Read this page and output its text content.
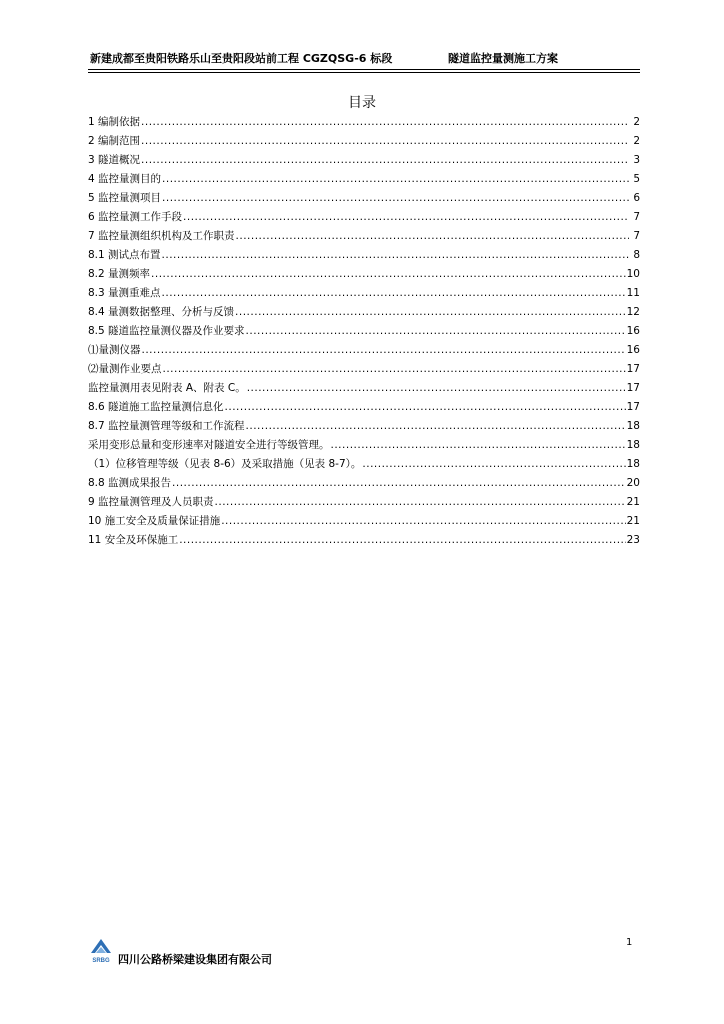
新建成都至贵阳铁路乐山至贵阳段站前工程 CGZQSG-6 标段	隧道监控量测施工方案
目录
1 编制依据 .....	2
2 编制范围 .....	2
3 隧道概况 .....	3
4 监控量测目的 .....	5
5 监控量测项目 .....	6
6 监控量测工作手段 .....	7
7 监控量测组织机构及工作职责 .....	7
8.1 测试点布置 .....	8
8.2 量测频率 .....	10
8.3 量测重难点 .....	11
8.4 量测数据整理、分析与反馈 .....	12
8.5 隧道监控量测仪器及作业要求 .....	16
⑴量测仪器 .....	16
⑵量测作业要点 .....	17
监控量测用表见附表 A、附表 C。 .....	17
8.6 隧道施工监控量测信息化 .....	17
8.7 监控量测管理等级和工作流程 .....	18
采用变形总量和变形速率对隧道安全进行等级管理。 .....	18
（1）位移管理等级（见表 8-6）及采取措施（见表 8-7）。 .....	18
8.8 监测成果报告 .....	20
9 监控量测管理及人员职责 .....	21
10 施工安全及质量保证措施 .....	21
11 安全及环保施工 .....	23
1
SRBG 四川公路桥梁建设集团有限公司
